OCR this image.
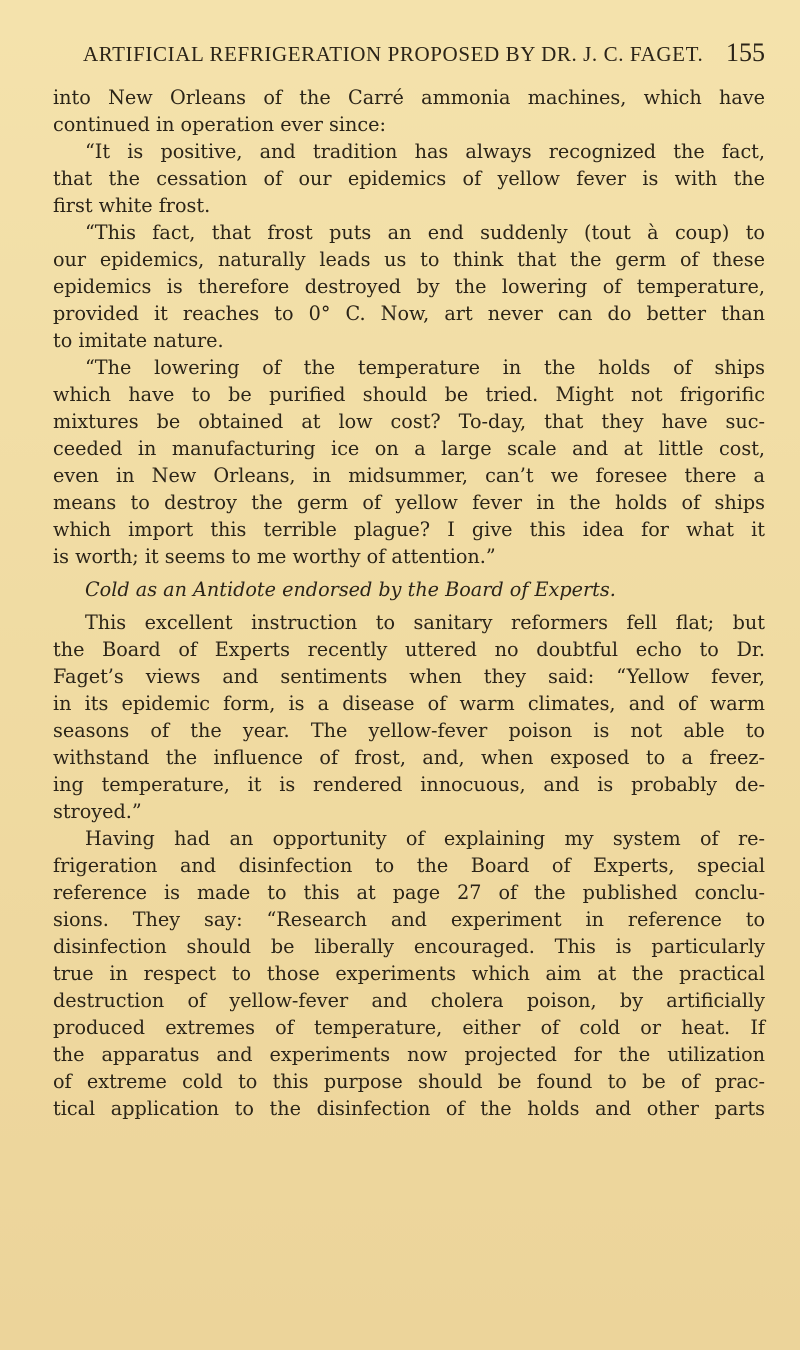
ARTIFICIAL REFRIGERATION PROPOSED BY DR. J. C. FAGET. 155
into New Orleans of the Carré ammonia machines, which have
continued in operation ever since:
“It is positive, and tradition has always recognized the fact,
that the cessation of our epidemics of yellow fever is with the
first white frost.
“This fact, that frost puts an end suddenly (tout à coup) to
our epidemics, naturally leads us to think that the germ of these
epidemics is therefore destroyed by the lowering of temperature,
provided it reaches to 0° C. Now, art never can do better than
to imitate nature.
“The lowering of the temperature in the holds of ships
which have to be purified should be tried. Might not frigorific
mixtures be obtained at low cost? To-day, that they have suc-
ceeded in manufacturing ice on a large scale and at little cost,
even in New Orleans, in midsummer, can’t we foresee there a
means to destroy the germ of yellow fever in the holds of ships
which import this terrible plague? I give this idea for what it
is worth; it seems to me worthy of attention.”
Cold as an Antidote endorsed by the Board of Experts.
This excellent instruction to sanitary reformers fell flat; but
the Board of Experts recently uttered no doubtful echo to Dr.
Faget’s views and sentiments when they said: “Yellow fever,
in its epidemic form, is a disease of warm climates, and of warm
seasons of the year. The yellow-fever poison is not able to
withstand the influence of frost, and, when exposed to a freez-
ing temperature, it is rendered innocuous, and is probably de-
stroyed.”
Having had an opportunity of explaining my system of re-
frigeration and disinfection to the Board of Experts, special
reference is made to this at page 27 of the published conclu-
sions. They say: “Research and experiment in reference to
disinfection should be liberally encouraged. This is particularly
true in respect to those experiments which aim at the practical
destruction of yellow-fever and cholera poison, by artificially
produced extremes of temperature, either of cold or heat. If
the apparatus and experiments now projected for the utilization
of extreme cold to this purpose should be found to be of prac-
tical application to the disinfection of the holds and other parts
